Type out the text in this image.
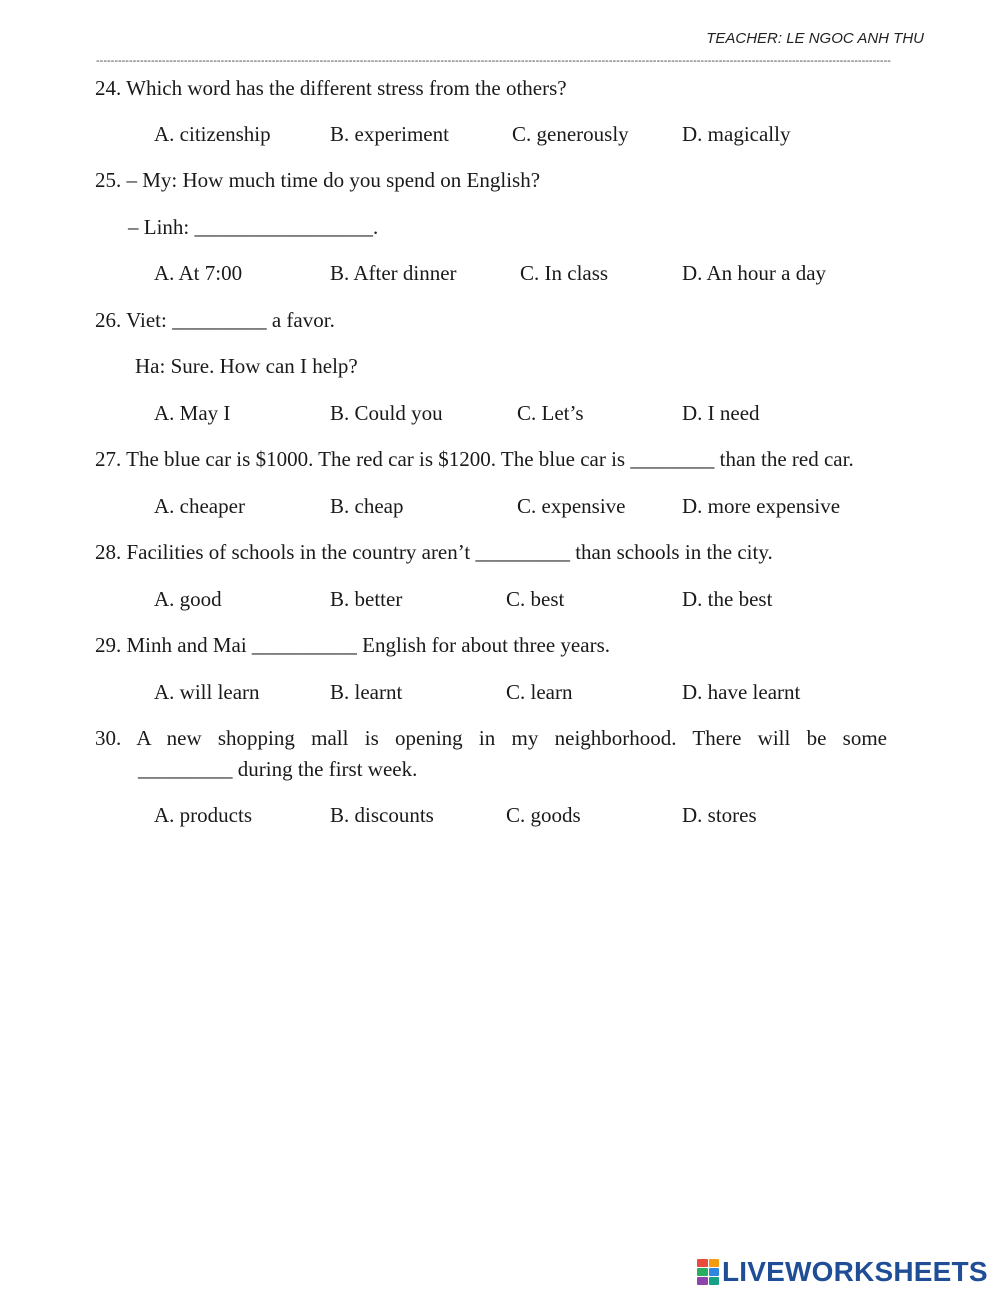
TEACHER: LE NGOC ANH THU
-------------------------------------------------------------------------------------------------------------------------------------------------------------------------------------------------------------------------
24. Which word has the different stress from the others?
A. citizenship	B. experiment	C. generously	D. magically
25. – My: How much time do you spend on English?
– Linh: _________________.
A. At 7:00	B. After dinner	C. In class	D. An hour a day
26. Viet: _________ a favor.
Ha: Sure. How can I help?
A. May I	B. Could you	C. Let’s	D. I need
27. The blue car is $1000. The red car is $1200. The blue car is ________ than the red car.
A. cheaper	B. cheap	C. expensive	D. more expensive
28. Facilities of schools in the country aren’t _________ than schools in the city.
A. good	B. better	C. best	D. the best
29. Minh and Mai __________ English for about three years.
A. will learn	B. learnt	C. learn	D. have learnt
30. A new shopping mall is opening in my neighborhood. There will be some
_________ during the first week.
A. products	B. discounts	C. goods	D. stores
LIVEWORKSHEETS
